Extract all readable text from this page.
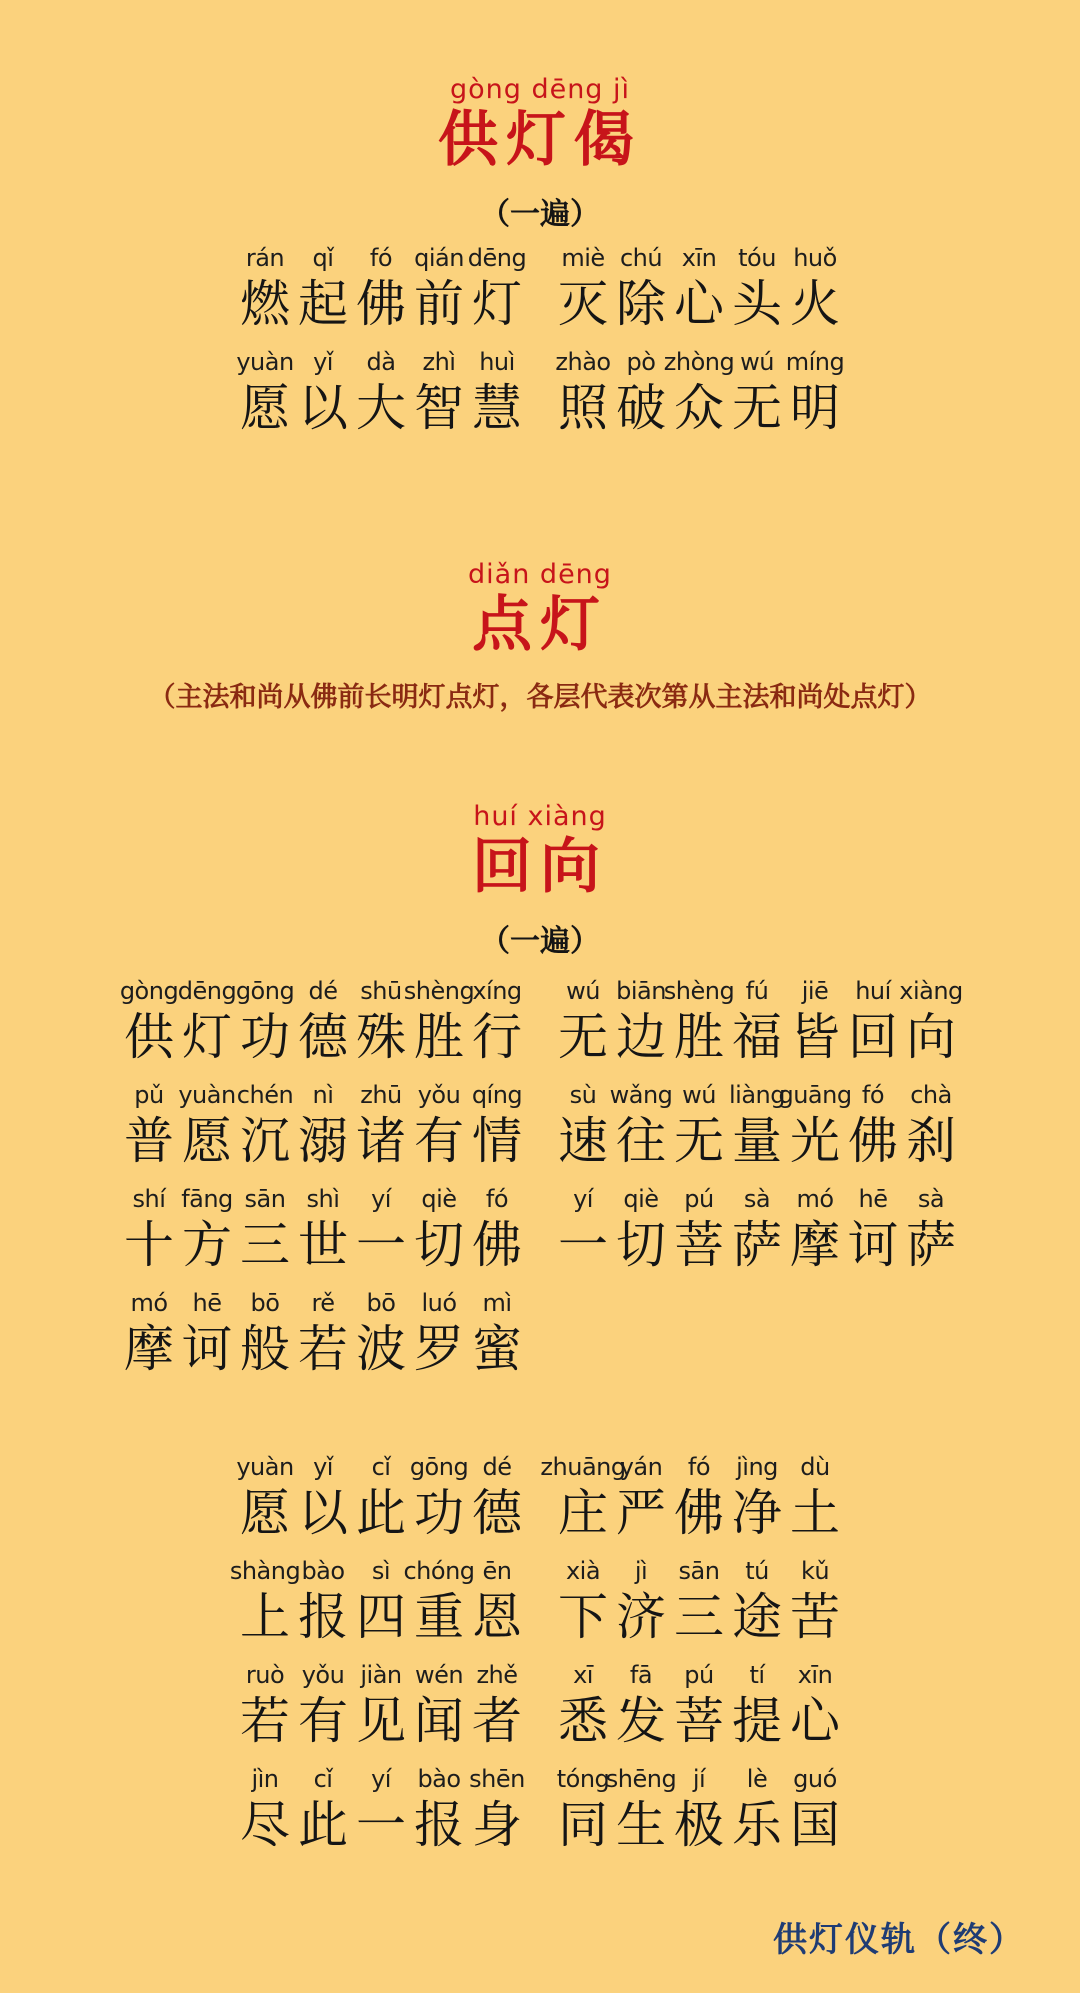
gòng dēng jì
供灯偈
（一遍）
rán
燃
qǐ
起
fó
佛
qián
前
dēng
灯
miè
灭
chú
除
xīn
心
tóu
头
huǒ
火
yuàn
愿
yǐ
以
dà
大
zhì
智
huì
慧
zhào
照
pò
破
zhòng
众
wú
无
míng
明
diǎn dēng
点灯
（主法和尚从佛前长明灯点灯，各层代表次第从主法和尚处点灯）
huí xiàng
回向
（一遍）
gòng
供
dēng
灯
gōng
功
dé
德
shū
殊
shèng
胜
xíng
行
wú
无
biān
边
shèng
胜
fú
福
jiē
皆
huí
回
xiàng
向
pǔ
普
yuàn
愿
chén
沉
nì
溺
zhū
诸
yǒu
有
qíng
情
sù
速
wǎng
往
wú
无
liàng
量
guāng
光
fó
佛
chà
刹
shí
十
fāng
方
sān
三
shì
世
yí
一
qiè
切
fó
佛
yí
一
qiè
切
pú
菩
sà
萨
mó
摩
hē
诃
sà
萨
mó
摩
hē
诃
bō
般
rě
若
bō
波
luó
罗
mì
蜜
yuàn
愿
yǐ
以
cǐ
此
gōng
功
dé
德
zhuāng
庄
yán
严
fó
佛
jìng
净
dù
土
shàng
上
bào
报
sì
四
chóng
重
ēn
恩
xià
下
jì
济
sān
三
tú
途
kǔ
苦
ruò
若
yǒu
有
jiàn
见
wén
闻
zhě
者
xī
悉
fā
发
pú
菩
tí
提
xīn
心
jìn
尽
cǐ
此
yí
一
bào
报
shēn
身
tóng
同
shēng
生
jí
极
lè
乐
guó
国
供灯仪轨（终）
